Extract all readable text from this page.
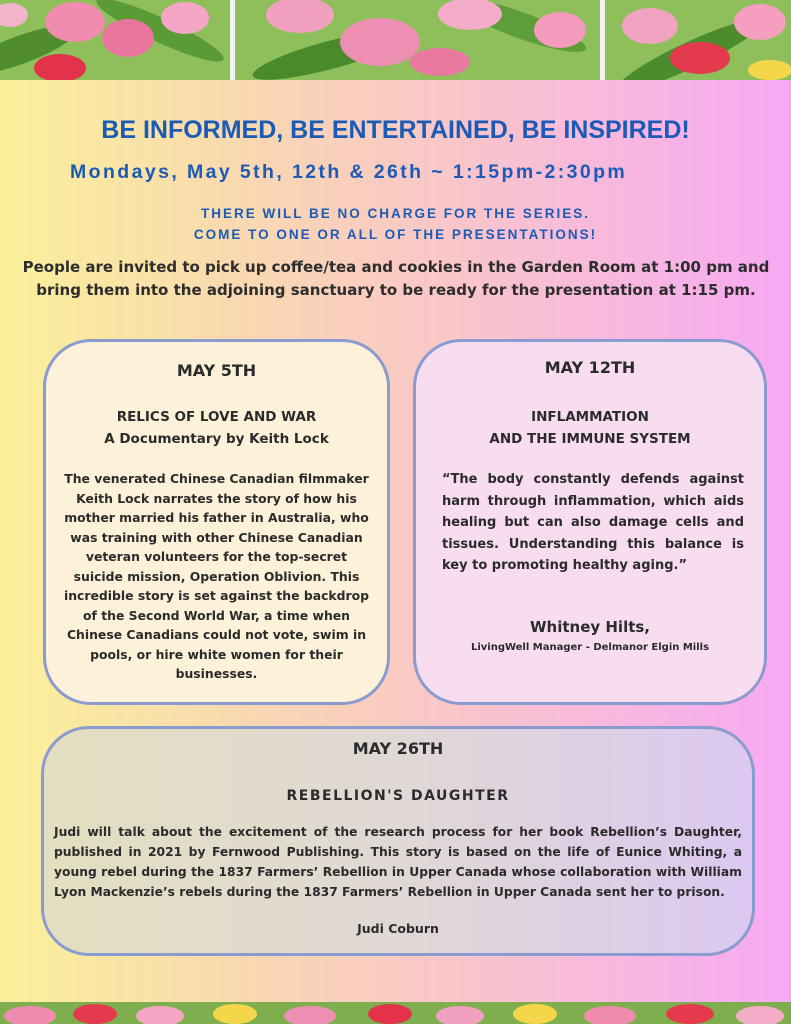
BE INFORMED, BE ENTERTAINED, BE INSPIRED!

Mondays, May 5th, 12th & 26th ~ 1:15pm-2:30pm

THERE WILL BE NO CHARGE FOR THE SERIES.

COME TO ONE OR ALL OF THE PRESENTATIONS!

People are invited to pick up coffee/tea and cookies in the Garden Room at 1:00 pm and bring them into the adjoining sanctuary to be ready for the presentation at 1:15 pm.

MAY 5TH

RELICS OF LOVE AND WAR
A Documentary by Keith Lock

The venerated Chinese Canadian filmmaker Keith Lock narrates the story of how his mother married his father in Australia, who was training with other Chinese Canadian veteran volunteers for the top-secret suicide mission, Operation Oblivion. This incredible story is set against the backdrop of the Second World War, a time when Chinese Canadians could not vote, swim in pools, or hire white women for their businesses.

MAY 12TH

INFLAMMATION
AND THE IMMUNE SYSTEM

“The body constantly defends against harm through inflammation, which aids healing but can also damage cells and tissues. Understanding this balance is key to promoting healthy aging.”

Whitney Hilts,

LivingWell Manager - Delmanor Elgin Mills

MAY 26TH

REBELLION'S DAUGHTER

Judi will talk about the excitement of the research process for her book Rebellion’s Daughter, published in 2021 by Fernwood Publishing. This story is based on the life of Eunice Whiting, a young rebel during the 1837 Farmers’ Rebellion in Upper Canada whose collaboration with William Lyon Mackenzie’s rebels during the 1837 Farmers’ Rebellion in Upper Canada sent her to prison.

Judi Coburn
